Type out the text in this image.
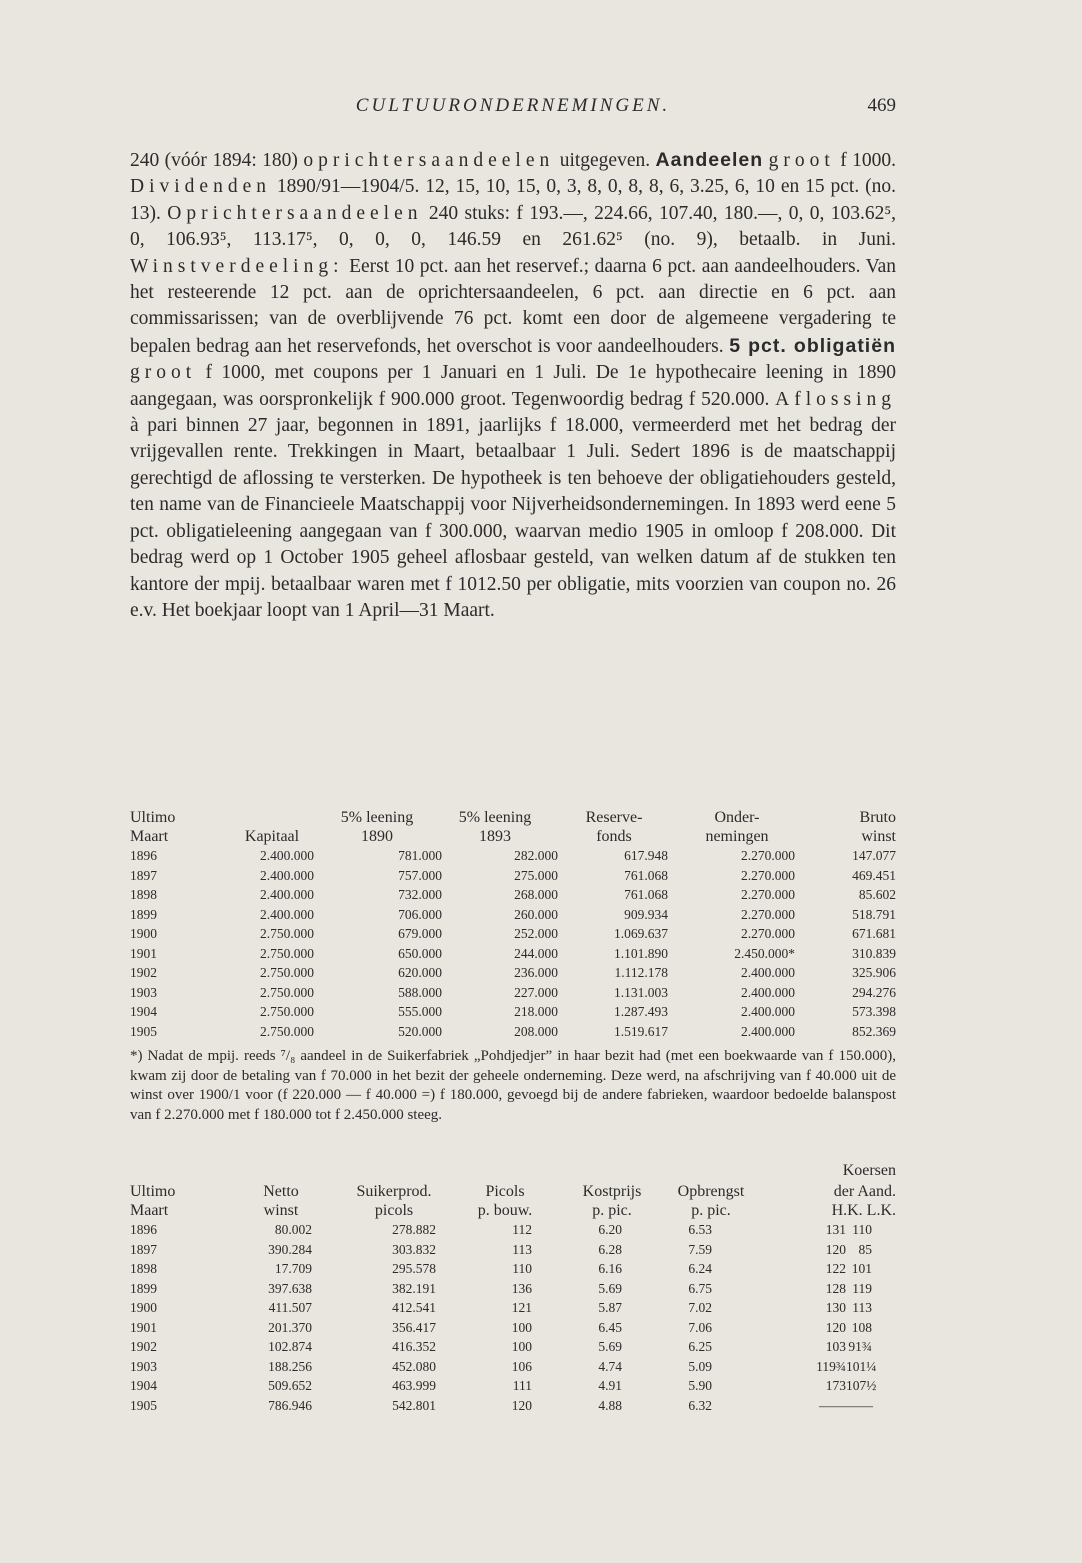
CULTUURONDERNEMINGEN.	469
240 (vóór 1894: 180) oprichtersaandeelen uitgegeven. Aandeelen groot f 1000. Dividenden 1890/91—1904/5. 12, 15, 10, 15, 0, 3, 8, 0, 8, 8, 6, 3.25, 6, 10 en 15 pct. (no. 13). Oprichtersaandeelen 240 stuks: f 193.—, 224.66, 107.40, 180.—, 0, 0, 103.62⁵, 0, 106.93⁵, 113.17⁵, 0, 0, 0, 146.59 en 261.62⁵ (no. 9), betaalb. in Juni. Winstverdeeling: Eerst 10 pct. aan het reservef.; daarna 6 pct. aan aandeelhouders. Van het resteerende 12 pct. aan de oprichtersaandeelen, 6 pct. aan directie en 6 pct. aan commissarissen; van de overblijvende 76 pct. komt een door de algemeene vergadering te bepalen bedrag aan het reservefonds, het overschot is voor aandeelhouders. 5 pct. obligatiën groot f 1000, met coupons per 1 Januari en 1 Juli. De 1e hypothecaire leening in 1890 aangegaan, was oorspronkelijk f 900.000 groot. Tegenwoordig bedrag f 520.000. Aflossing à pari binnen 27 jaar, begonnen in 1891, jaarlijks f 18.000, vermeerderd met het bedrag der vrijgevallen rente. Trekkingen in Maart, betaalbaar 1 Juli. Sedert 1896 is de maatschappij gerechtigd de aflossing te versterken. De hypotheek is ten behoeve der obligatiehouders gesteld, ten name van de Financieele Maatschappij voor Nijverheidsondernemingen. In 1893 werd eene 5 pct. obligatieleening aangegaan van f 300.000, waarvan medio 1905 in omloop f 208.000. Dit bedrag werd op 1 October 1905 geheel aflosbaar gesteld, van welken datum af de stukken ten kantore der mpij. betaalbaar waren met f 1012.50 per obligatie, mits voorzien van coupon no. 26 e.v. Het boekjaar loopt van 1 April—31 Maart.
Ultimo	5% leening	5% leening	Reserve-	Onder-	Bruto
Maart	Kapitaal	1890	1893	fonds	nemingen	winst
1896	2.400.000	781.000	282.000	617.948	2.270.000	147.077
1897	2.400.000	757.000	275.000	761.068	2.270.000	469.451
1898	2.400.000	732.000	268.000	761.068	2.270.000	85.602
1899	2.400.000	706.000	260.000	909.934	2.270.000	518.791
1900	2.750.000	679.000	252.000	1.069.637	2.270.000	671.681
1901	2.750.000	650.000	244.000	1.101.890	2.450.000*	310.839
1902	2.750.000	620.000	236.000	1.112.178	2.400.000	325.906
1903	2.750.000	588.000	227.000	1.131.003	2.400.000	294.276
1904	2.750.000	555.000	218.000	1.287.493	2.400.000	573.398
1905	2.750.000	520.000	208.000	1.519.617	2.400.000	852.369
*) Nadat de mpij. reeds ⁷/₈ aandeel in de Suikerfabriek „Pohdjedjer” in haar bezit had (met een boekwaarde van f 150.000), kwam zij door de betaling van f 70.000 in het bezit der geheele onderneming. Deze werd, na afschrijving van f 40.000 uit de winst over 1900/1 voor (f 220.000 — f 40.000 =) f 180.000, gevoegd bij de andere fabrieken, waardoor bedoelde balanspost van f 2.270.000 met f 180.000 tot f 2.450.000 steeg.
Koersen
Ultimo	Netto	Suikerprod.	Picols	Kostprijs	Opbrengst	der Aand.
Maart	winst	picols	p. bouw.	p. pic.	p. pic.	H.K. L.K.
1896	80.002	278.882	112	6.20	6.53	131 110
1897	390.284	303.832	113	6.28	7.59	120 85
1898	17.709	295.578	110	6.16	6.24	122 101
1899	397.638	382.191	136	5.69	6.75	128 119
1900	411.507	412.541	121	5.87	7.02	130 113
1901	201.370	356.417	100	6.45	7.06	120 108
1902	102.874	416.352	100	5.69	6.25	103 91¾
1903	188.256	452.080	106	4.74	5.09	119¾ 101¼
1904	509.652	463.999	111	4.91	5.90	173 107½
1905	786.946	542.801	120	4.88	6.32	—— ——
